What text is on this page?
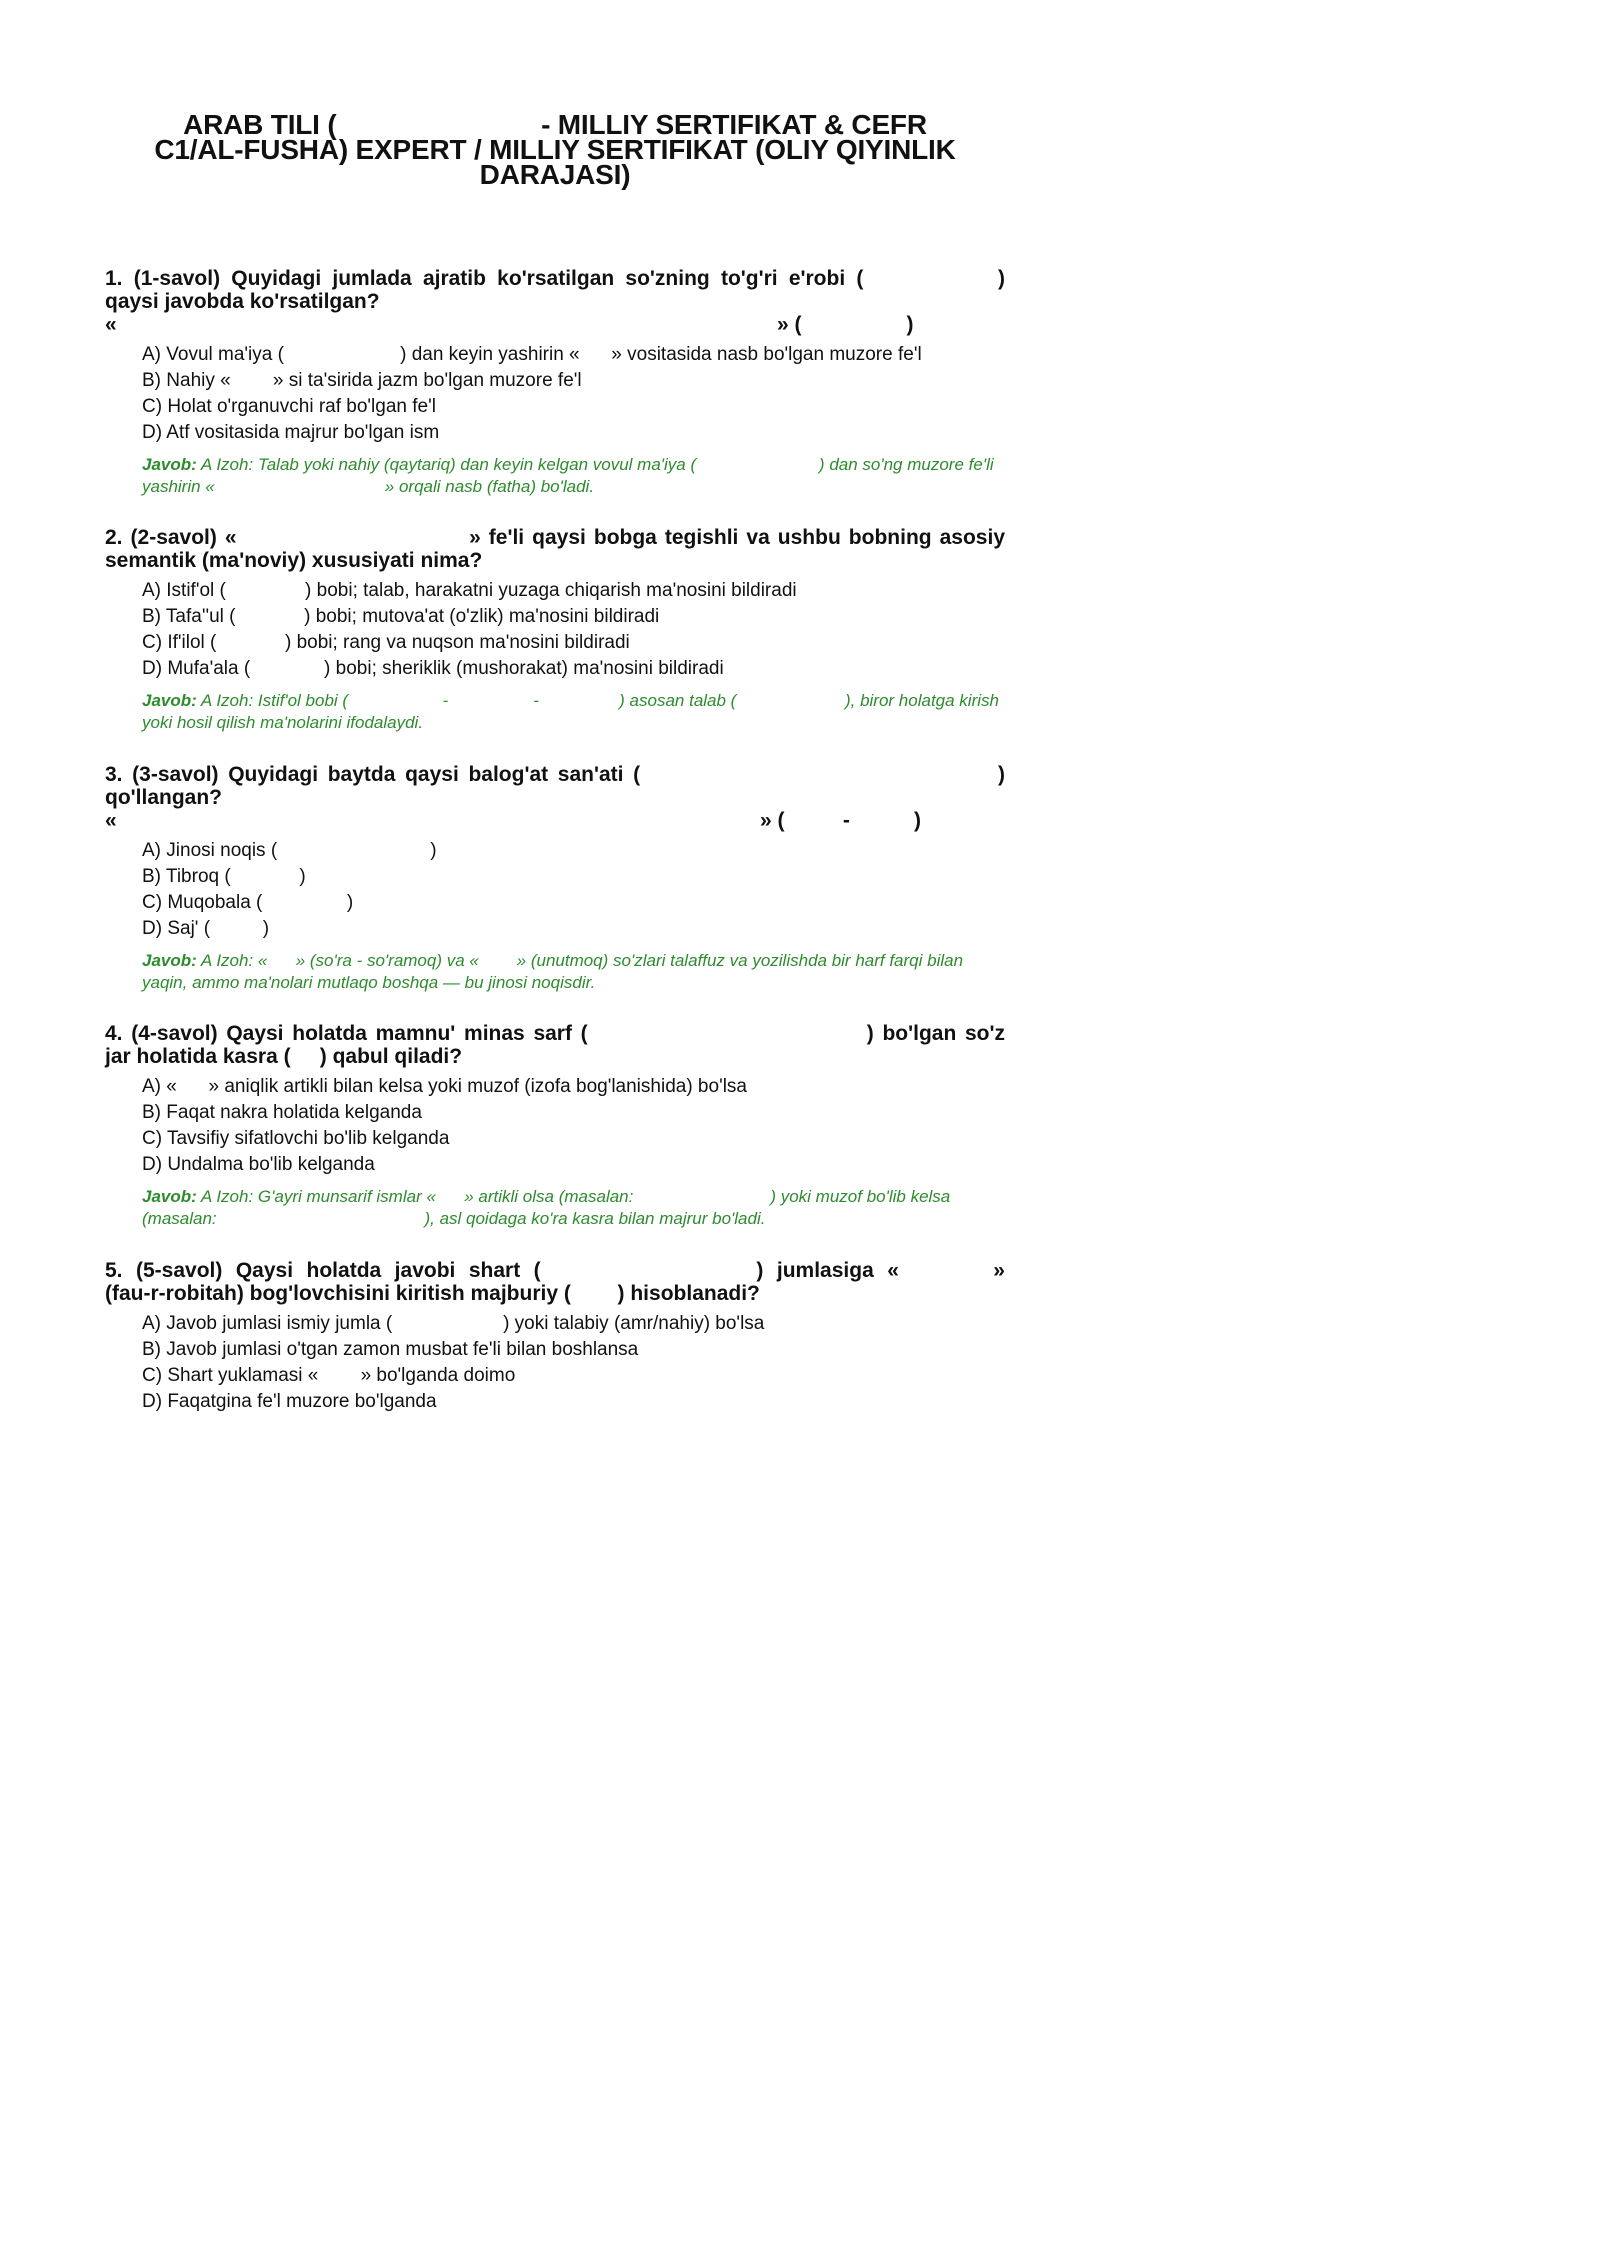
ARAB TILI (                           - MILLIY SERTIFIKAT & CEFR
C1/AL-FUSHA) EXPERT / MILLIY SERTIFIKAT (OLIY QIYINLIK
DARAJASI)
1. (1-savol) Quyidagi jumlada ajratib ko'rsatilgan so'zning to'g'ri e'robi (            )
qaysi javobda ko'rsatilgan?
«	» (                  )
A) Vovul ma'iya (                      ) dan keyin yashirin «      » vositasida nasb bo'lgan muzore fe'l
B) Nahiy «        » si ta'sirida jazm bo'lgan muzore fe'l
C) Holat o'rganuvchi raf bo'lgan fe'l
D) Atf vositasida majrur bo'lgan ism
Javob: A Izoh: Talab yoki nahiy (qaytariq) dan keyin kelgan vovul ma'iya (                          ) dan so'ng muzore fe'li yashirin «                                    » orqali nasb (fatha) bo'ladi.
2. (2-savol) «                             » fe'li qaysi bobga tegishli va ushbu bobning asosiy
semantik (ma'noviy) xususiyati nima?
A) Istif'ol (               ) bobi; talab, harakatni yuzaga chiqarish ma'nosini bildiradi
B) Tafa''ul (             ) bobi; mutova'at (o'zlik) ma'nosini bildiradi
C) If'ilol (             ) bobi; rang va nuqson ma'nosini bildiradi
D) Mufa'ala (              ) bobi; sheriklik (mushorakat) ma'nosini bildiradi
Javob: A Izoh: Istif'ol bobi (                    -                  -                 ) asosan talab (                       ), biror holatga kirish yoki hosil qilish ma'nolarini ifodalaydi.
3. (3-savol) Quyidagi baytda qaysi balog'at san'ati (                                     )
qo'llangan?
«	» (          -           )
A) Jinosi noqis (                             )
B) Tibroq (             )
C) Muqobala (                )
D) Saj' (          )
Javob: A Izoh: «      » (so'ra - so'ramoq) va «        » (unutmoq) so'zlari talaffuz va yozilishda bir harf farqi bilan yaqin, ammo ma'nolari mutlaqo boshqa — bu jinosi noqisdir.
4. (4-savol) Qaysi holatda mamnu' minas sarf (                                ) bo'lgan so'z
jar holatida kasra (     ) qabul qiladi?
A) «      » aniqlik artikli bilan kelsa yoki muzof (izofa bog'lanishida) bo'lsa
B) Faqat nakra holatida kelganda
C) Tavsifiy sifatlovchi bo'lib kelganda
D) Undalma bo'lib kelganda
Javob: A Izoh: G'ayri munsarif ismlar «      » artikli olsa (masalan:                             ) yoki muzof bo'lib kelsa (masalan:                                            ), asl qoidaga ko'ra kasra bilan majrur bo'ladi.
5. (5-savol) Qaysi holatda javobi shart (                ) jumlasiga «       »
(fau-r-robitah) bog'lovchisini kiritish majburiy (        ) hisoblanadi?
A) Javob jumlasi ismiy jumla (                     ) yoki talabiy (amr/nahiy) bo'lsa
B) Javob jumlasi o'tgan zamon musbat fe'li bilan boshlansa
C) Shart yuklamasi «        » bo'lganda doimo
D) Faqatgina fe'l muzore bo'lganda
